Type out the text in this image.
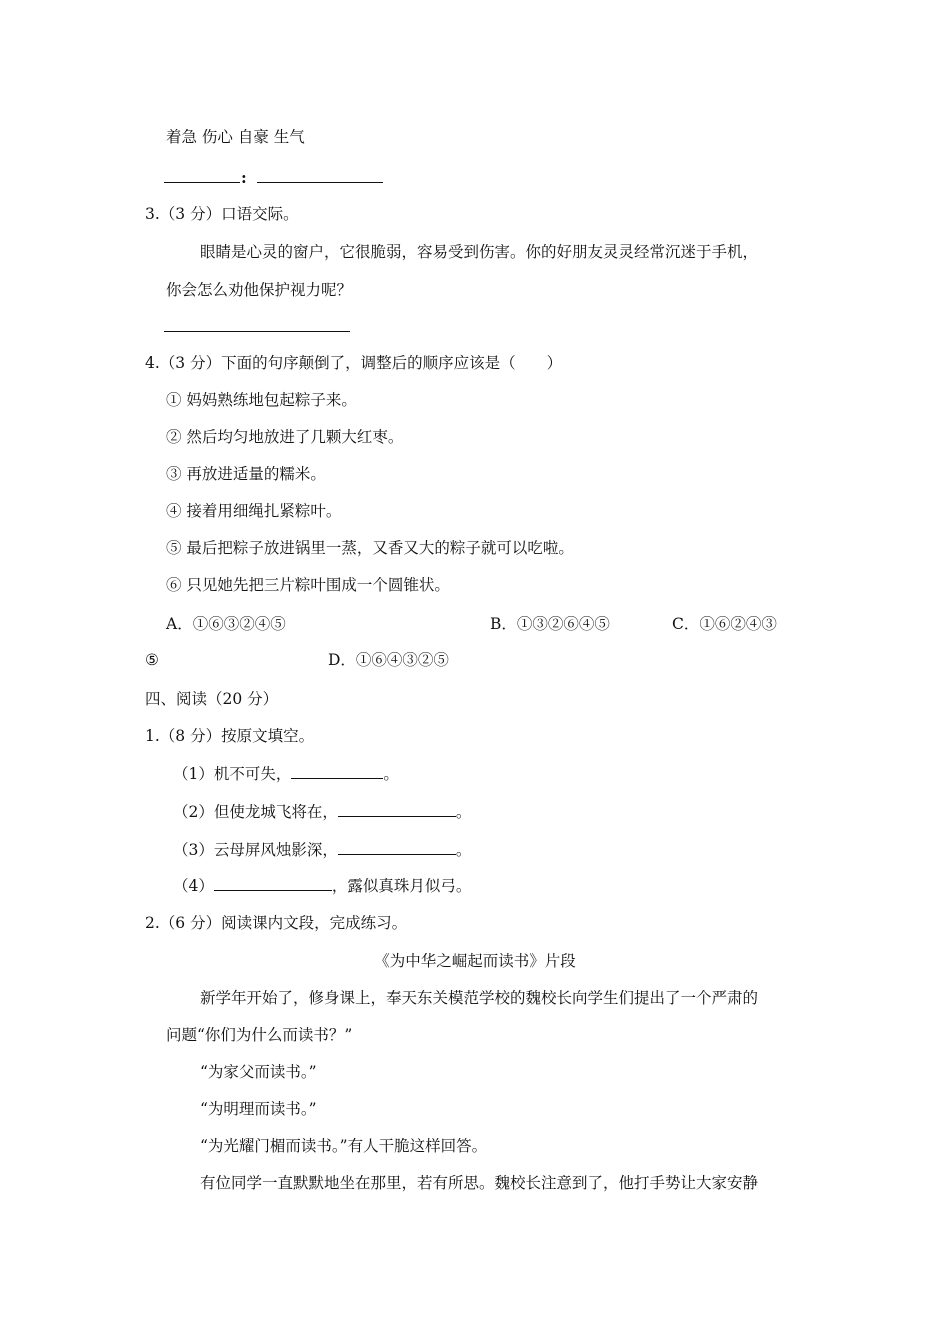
着急 伤心 自豪 生气
:
3.（3 分）口语交际。
眼睛是心灵的窗户，它很脆弱，容易受到伤害。你的好朋友灵灵经常沉迷于手机，
你会怎么劝他保护视力呢？
4.（3 分）下面的句序颠倒了，调整后的顺序应该是（　　）
① 妈妈熟练地包起粽子来。
② 然后均匀地放进了几颗大红枣。
③ 再放进适量的糯米。
④ 接着用细绳扎紧粽叶。
⑤ 最后把粽子放进锅里一蒸，又香又大的粽子就可以吃啦。
⑥ 只见她先把三片粽叶围成一个圆锥状。
A．①⑥③②④⑤	B．①③②⑥④⑤	C．①⑥②④③
⑤	D．①⑥④③②⑤
四、阅读（20 分）
1.（8 分）按原文填空。
（1）机不可失，	。
（2）但使龙城飞将在，	。
（3）云母屏风烛影深，	。
（4）	，露似真珠月似弓。
2.（6 分）阅读课内文段，完成练习。
《为中华之崛起而读书》片段
新学年开始了，修身课上，奉天东关模范学校的魏校长向学生们提出了一个严肃的
问题“你们为什么而读书？”
“为家父而读书。”
“为明理而读书。”
“为光耀门楣而读书。”有人干脆这样回答。
有位同学一直默默地坐在那里，若有所思。魏校长注意到了，他打手势让大家安静
